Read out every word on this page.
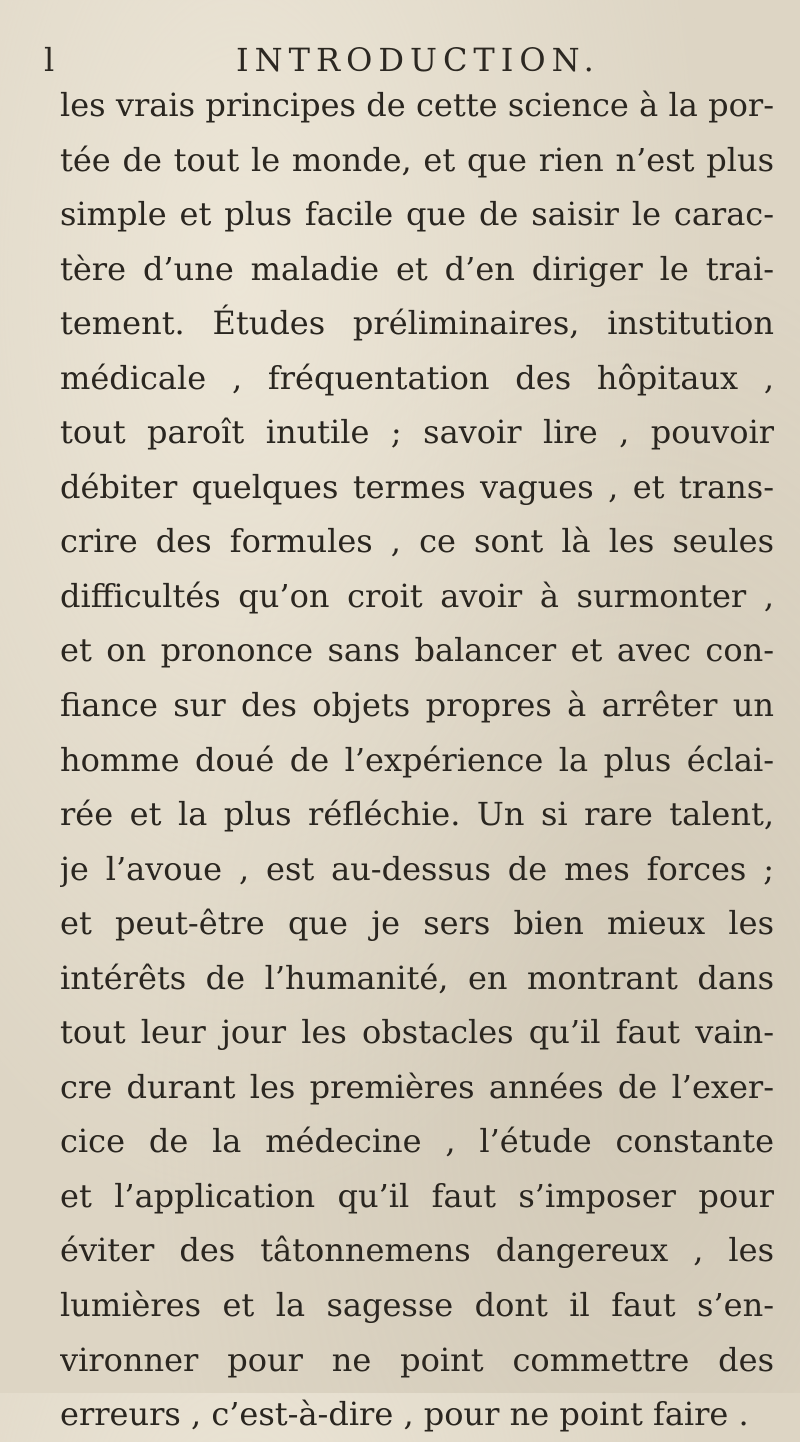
l	INTRODUCTION.
les vrais principes de cette science à la por-
tée de tout le monde, et que rien n’est plus
simple et plus facile que de saisir le carac-
tère d’une maladie et d’en diriger le trai-
tement. Études préliminaires, institution
médicale , fréquentation des hôpitaux ,
tout paroît inutile ; savoir lire , pouvoir
débiter quelques termes vagues , et trans-
crire des formules , ce sont là les seules
difficultés qu’on croit avoir à surmonter ,
et on prononce sans balancer et avec con-
fiance sur des objets propres à arrêter un
homme doué de l’expérience la plus éclai-
rée et la plus réfléchie. Un si rare talent,
je l’avoue , est au-dessus de mes forces ;
et peut-être que je sers bien mieux les
intérêts de l’humanité, en montrant dans
tout leur jour les obstacles qu’il faut vain-
cre durant les premières années de l’exer-
cice de la médecine , l’étude constante
et l’application qu’il faut s’imposer pour
éviter des tâtonnemens dangereux , les
lumières et la sagesse dont il faut s’en-
vironner pour ne point commettre des
erreurs , c’est-à-dire , pour ne point faire .
